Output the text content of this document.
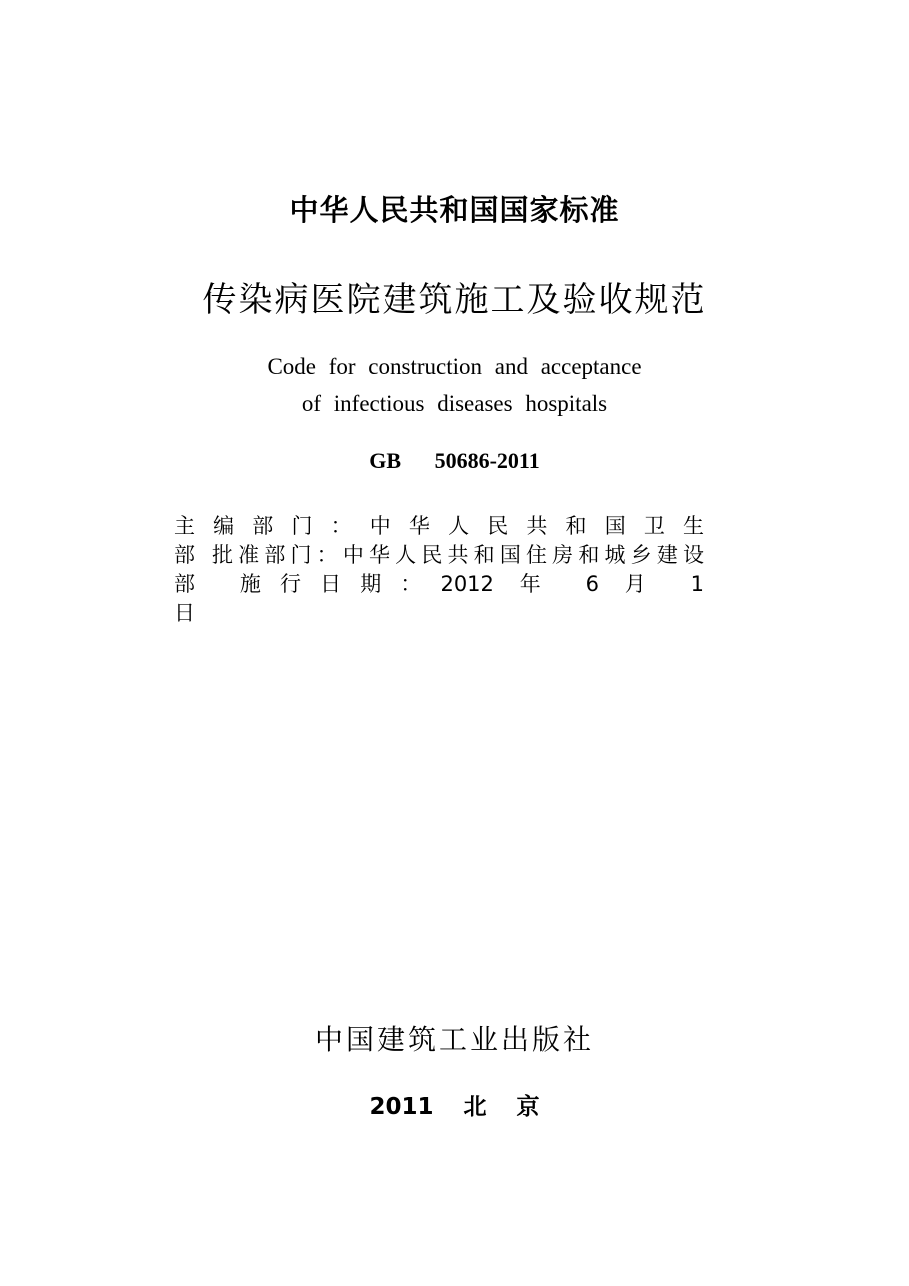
中华人民共和国国家标准
传染病医院建筑施工及验收规范
Code for construction and acceptance
of infectious diseases hospitals
GB 50686-2011
主编部门：中华人民共和国卫生
部 批准部门：中华人民共和国住房和城乡建设
部 施行日期：2012 年 6 月 1
日
中国建筑工业出版社
2011 北 京
